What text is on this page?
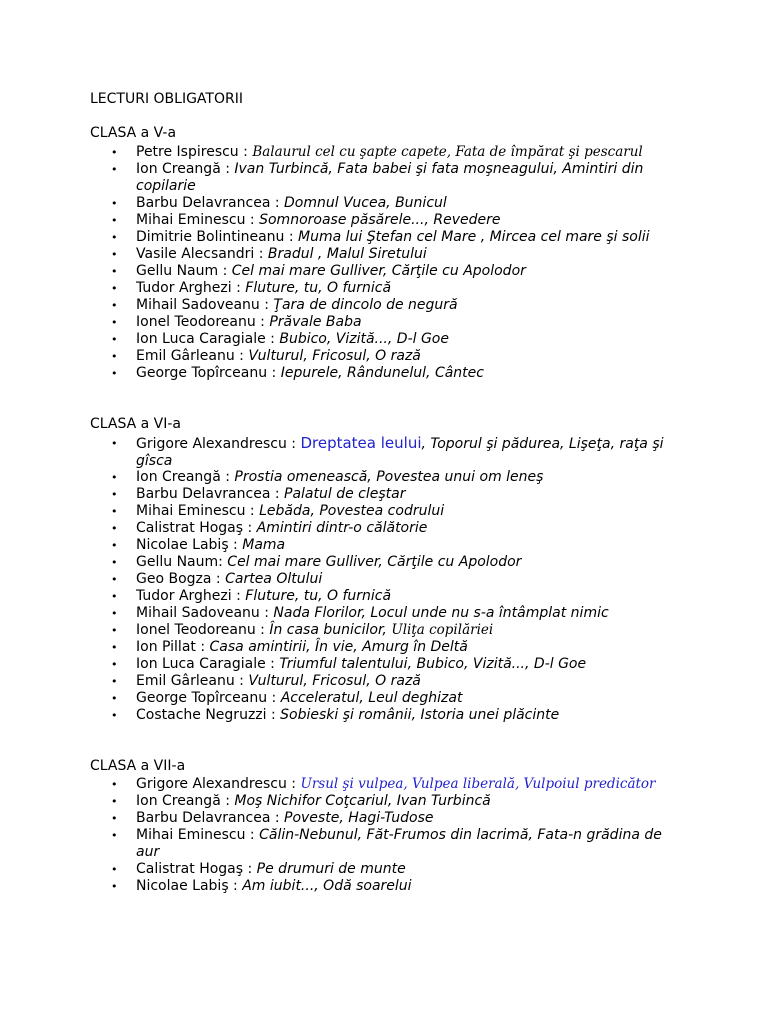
LECTURI OBLIGATORII
CLASA a V-a
• Petre Ispirescu : Balaurul cel cu şapte capete, Fata de împărat şi pescarul
• Ion Creangă : Ivan Turbincă, Fata babei şi fata moşneagului, Amintiri din copilarie
• Barbu Delavrancea : Domnul Vucea, Bunicul
• Mihai Eminescu : Somnoroase păsărele..., Revedere
• Dimitrie Bolintineanu : Muma lui Ştefan cel Mare , Mircea cel mare şi solii
• Vasile Alecsandri : Bradul , Malul Siretului
• Gellu Naum : Cel mai mare Gulliver, Cărţile cu Apolodor
• Tudor Arghezi : Fluture, tu, O furnică
• Mihail Sadoveanu : Ţara de dincolo de negură
• Ionel Teodoreanu : Prăvale Baba
• Ion Luca Caragiale : Bubico, Vizită..., D-l Goe
• Emil Gârleanu : Vulturul, Fricosul, O rază
• George Topîrceanu : Iepurele, Rândunelul, Cântec
CLASA a VI-a
• Grigore Alexandrescu : Dreptatea leului, Toporul şi pădurea, Lişeţa, raţa şi gîsca
• Ion Creangă : Prostia omenească, Povestea unui om leneş
• Barbu Delavrancea : Palatul de cleştar
• Mihai Eminescu : Lebăda, Povestea codrului
• Calistrat Hogaş : Amintiri dintr-o călătorie
• Nicolae Labiş : Mama
• Gellu Naum: Cel mai mare Gulliver, Cărţile cu Apolodor
• Geo Bogza : Cartea Oltului
• Tudor Arghezi : Fluture, tu, O furnică
• Mihail Sadoveanu : Nada Florilor, Locul unde nu s-a întâmplat nimic
• Ionel Teodoreanu : În casa bunicilor, Uliţa copilăriei
• Ion Pillat : Casa amintirii, În vie, Amurg în Deltă
• Ion Luca Caragiale : Triumful talentului, Bubico, Vizită..., D-l Goe
• Emil Gârleanu : Vulturul, Fricosul, O rază
• George Topîrceanu : Acceleratul, Leul deghizat
• Costache Negruzzi : Sobieski şi românii, Istoria unei plăcinte
CLASA a VII-a
• Grigore Alexandrescu : Ursul şi vulpea, Vulpea liberală, Vulpoiul predicător
• Ion Creangă : Moş Nichifor Coţcariul, Ivan Turbincă
• Barbu Delavrancea : Poveste, Hagi-Tudose
• Mihai Eminescu : Călin-Nebunul, Făt-Frumos din lacrimă, Fata-n grădina de aur
• Calistrat Hogaş : Pe drumuri de munte
• Nicolae Labiş : Am iubit..., Odă soarelui
